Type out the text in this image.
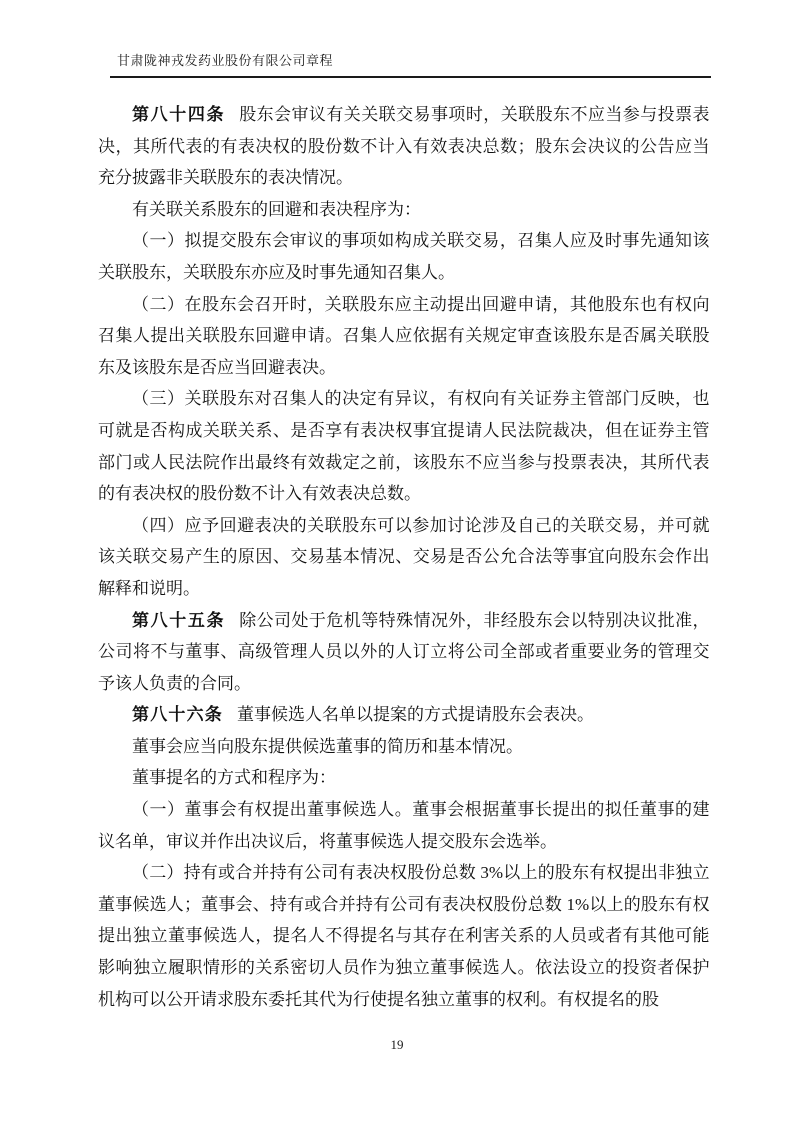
甘肃陇神戎发药业股份有限公司章程

第八十四条 股东会审议有关关联交易事项时，关联股东不应当参与投票表决，其所代表的有表决权的股份数不计入有效表决总数；股东会决议的公告应当充分披露非关联股东的表决情况。

有关联关系股东的回避和表决程序为：

（一）拟提交股东会审议的事项如构成关联交易，召集人应及时事先通知该关联股东，关联股东亦应及时事先通知召集人。

（二）在股东会召开时，关联股东应主动提出回避申请，其他股东也有权向召集人提出关联股东回避申请。召集人应依据有关规定审查该股东是否属关联股东及该股东是否应当回避表决。

（三）关联股东对召集人的决定有异议，有权向有关证券主管部门反映，也可就是否构成关联关系、是否享有表决权事宜提请人民法院裁决，但在证券主管部门或人民法院作出最终有效裁定之前，该股东不应当参与投票表决，其所代表的有表决权的股份数不计入有效表决总数。

（四）应予回避表决的关联股东可以参加讨论涉及自己的关联交易，并可就该关联交易产生的原因、交易基本情况、交易是否公允合法等事宜向股东会作出解释和说明。

第八十五条 除公司处于危机等特殊情况外，非经股东会以特别决议批准，公司将不与董事、高级管理人员以外的人订立将公司全部或者重要业务的管理交予该人负责的合同。

第八十六条 董事候选人名单以提案的方式提请股东会表决。

董事会应当向股东提供候选董事的简历和基本情况。

董事提名的方式和程序为：

（一）董事会有权提出董事候选人。董事会根据董事长提出的拟任董事的建议名单，审议并作出决议后，将董事候选人提交股东会选举。

（二）持有或合并持有公司有表决权股份总数 3%以上的股东有权提出非独立董事候选人；董事会、持有或合并持有公司有表决权股份总数 1%以上的股东有权提出独立董事候选人，提名人不得提名与其存在利害关系的人员或者有其他可能影响独立履职情形的关系密切人员作为独立董事候选人。依法设立的投资者保护机构可以公开请求股东委托其代为行使提名独立董事的权利。有权提名的股

19
